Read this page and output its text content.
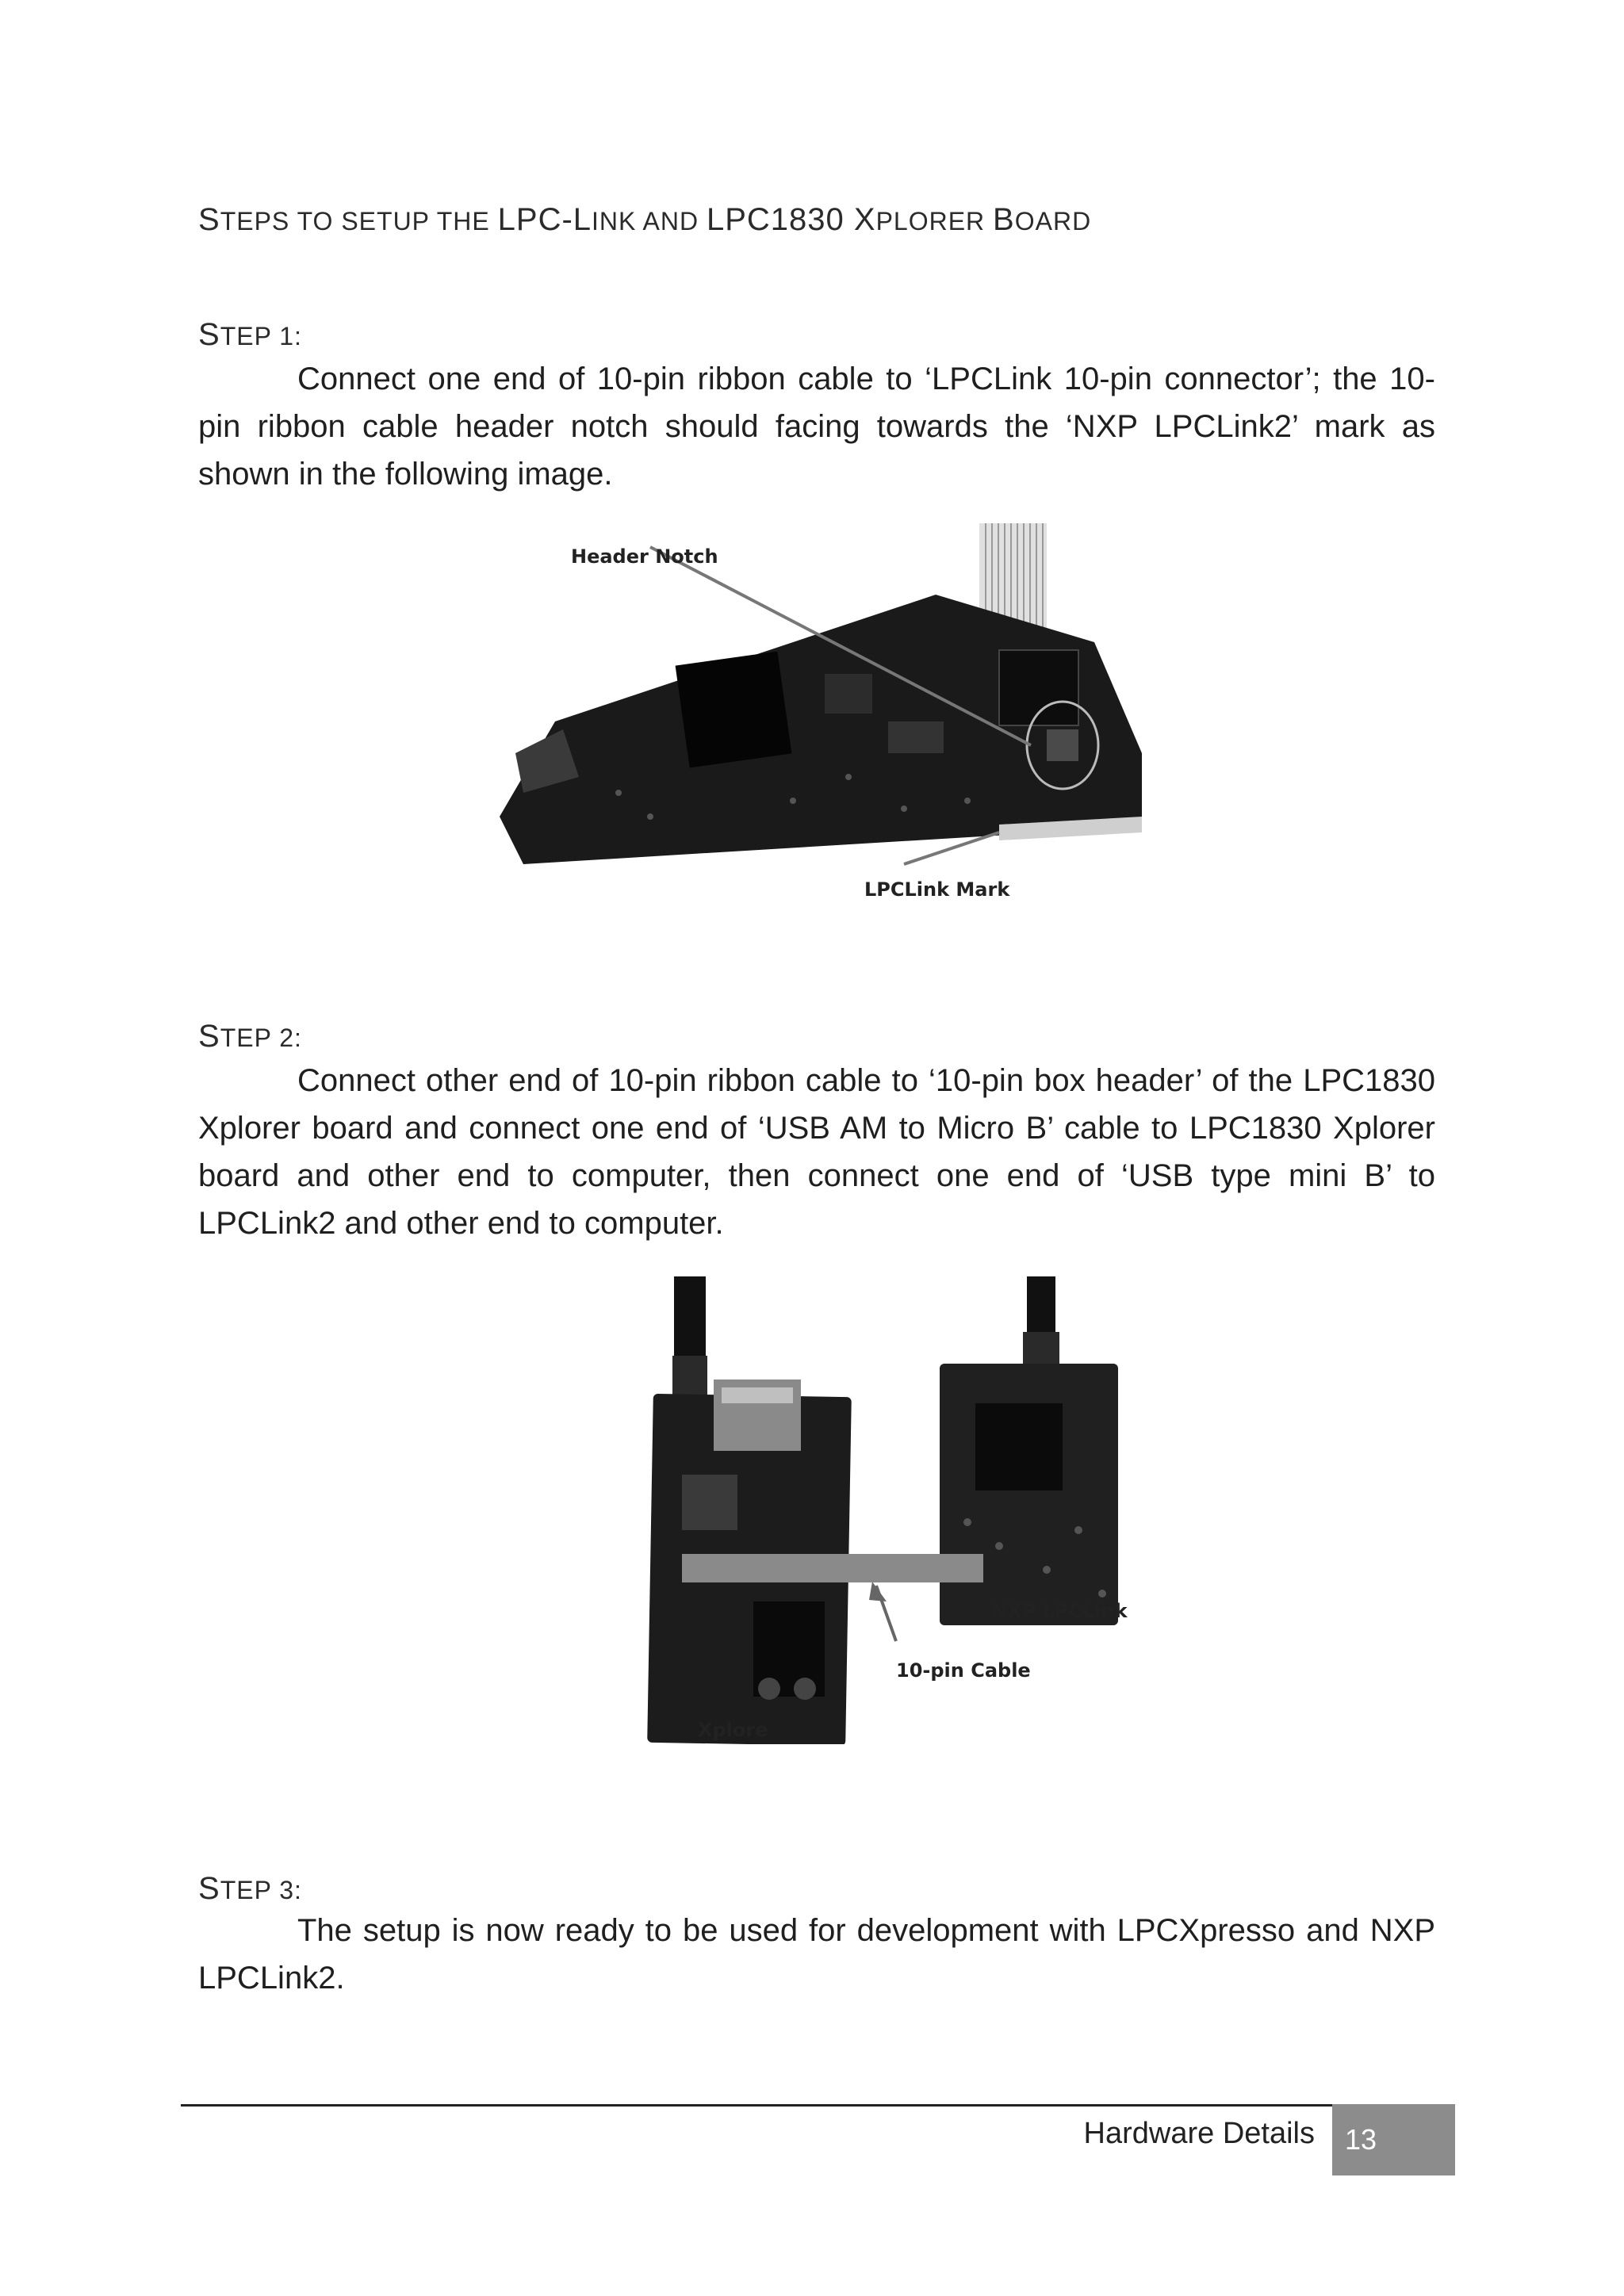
STEPS TO SETUP THE LPC-LINK AND LPC1830 XPLORER BOARD
STEP 1:
Connect one end of 10-pin ribbon cable to ‘LPCLink 10-pin connector’; the 10-pin ribbon cable header notch should facing towards the ‘NXP LPCLink2’ mark as shown in the following image.
Header Notch
LPCLink Mark
STEP 2:
Connect other end of 10-pin ribbon cable to ‘10-pin box header’ of the LPC1830 Xplorer board and connect one end of ‘USB AM to Micro B’ cable to LPC1830 Xplorer board and other end to computer, then connect one end of ‘USB type mini B’ to LPCLink2 and other end to computer.
NXP LPCLink
10-pin Cable
Xplore
STEP 3:
The setup is now ready to be used for development with LPCXpresso and NXP LPCLink2.
Hardware Details 13
